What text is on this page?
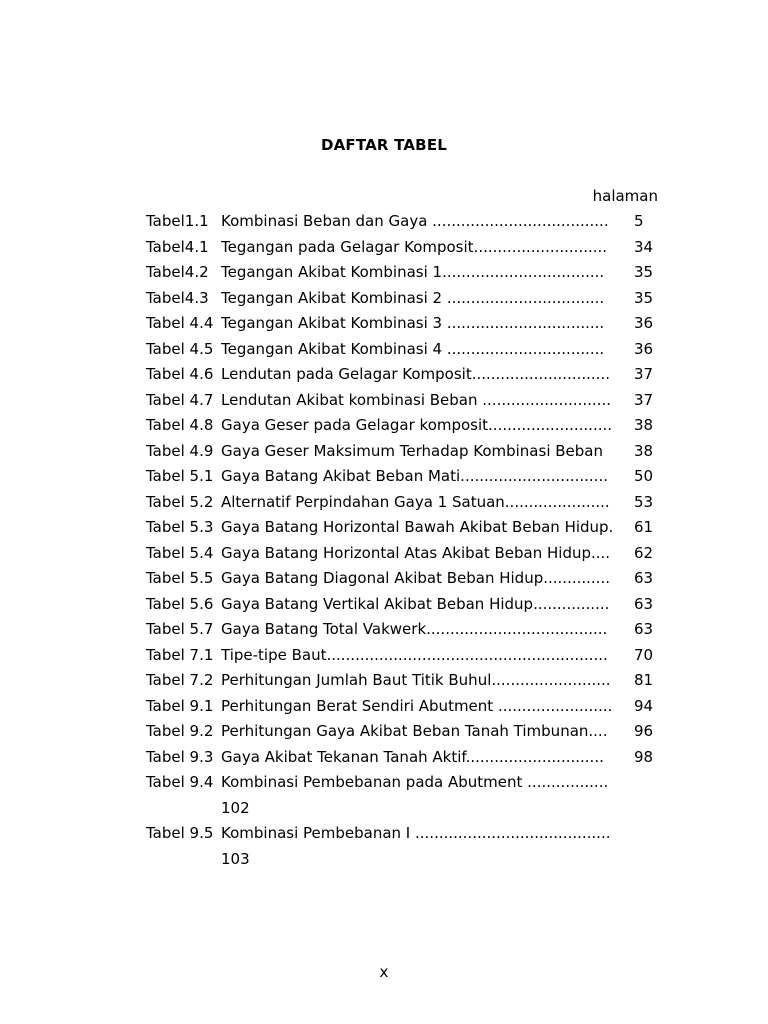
DAFTAR TABEL
halaman
Tabel1.1 Kombinasi Beban dan Gaya ..................................... 5
Tabel4.1 Tegangan pada Gelagar Komposit............................ 34
Tabel4.2 Tegangan Akibat Kombinasi 1.................................. 35
Tabel4.3 Tegangan Akibat Kombinasi 2 ................................. 35
Tabel 4.4 Tegangan Akibat Kombinasi 3 ................................. 36
Tabel 4.5 Tegangan Akibat Kombinasi 4 ................................. 36
Tabel 4.6 Lendutan pada Gelagar Komposit............................. 37
Tabel 4.7 Lendutan Akibat kombinasi Beban ........................... 37
Tabel 4.8 Gaya Geser pada Gelagar komposit.......................... 38
Tabel 4.9 Gaya Geser Maksimum Terhadap Kombinasi Beban 38
Tabel 5.1 Gaya Batang Akibat Beban Mati............................... 50
Tabel 5.2 Alternatif Perpindahan Gaya 1 Satuan...................... 53
Tabel 5.3 Gaya Batang Horizontal Bawah Akibat Beban Hidup. 61
Tabel 5.4 Gaya Batang Horizontal Atas Akibat Beban Hidup.... 62
Tabel 5.5 Gaya Batang Diagonal Akibat Beban Hidup.............. 63
Tabel 5.6 Gaya Batang Vertikal Akibat Beban Hidup................ 63
Tabel 5.7 Gaya Batang Total Vakwerk...................................... 63
Tabel 7.1 Tipe-tipe Baut........................................................... 70
Tabel 7.2 Perhitungan Jumlah Baut Titik Buhul......................... 81
Tabel 9.1 Perhitungan Berat Sendiri Abutment ........................ 94
Tabel 9.2 Perhitungan Gaya Akibat Beban Tanah Timbunan.... 96
Tabel 9.3 Gaya Akibat Tekanan Tanah Aktif............................. 98
Tabel 9.4 Kombinasi Pembebanan pada Abutment .................
102
Tabel 9.5 Kombinasi Pembebanan I .........................................
103
x
